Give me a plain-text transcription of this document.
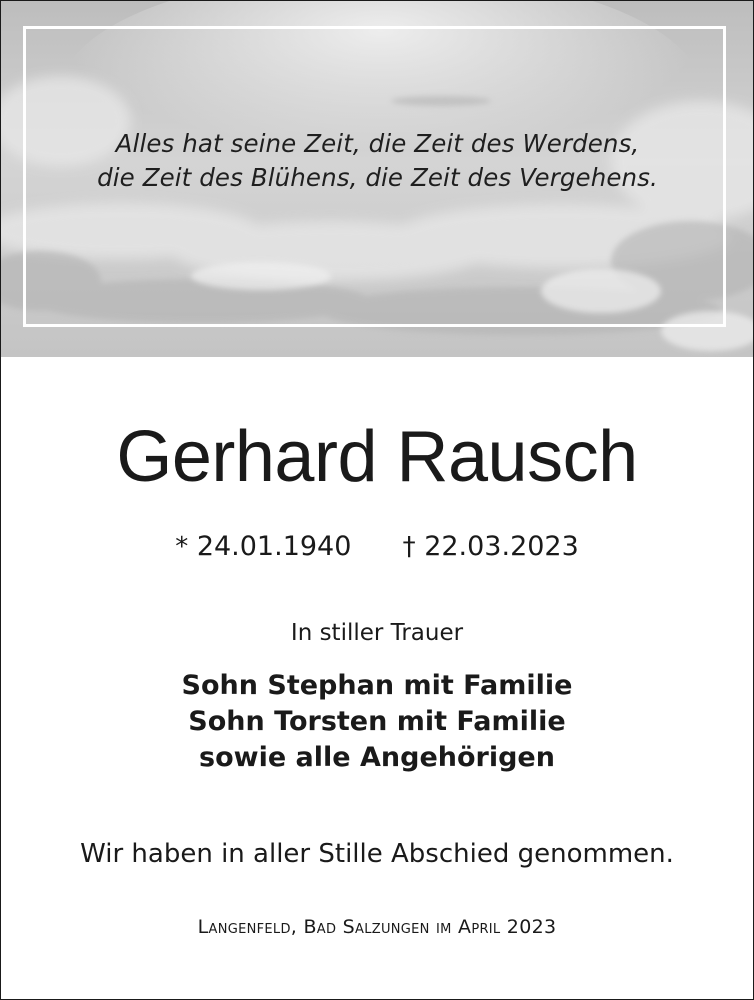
Alles hat seine Zeit, die Zeit des Werdens,
die Zeit des Blühens, die Zeit des Vergehens.
Gerhard Rausch
* 24.01.1940 † 22.03.2023
In stiller Trauer
Sohn Stephan mit Familie
Sohn Torsten mit Familie
sowie alle Angehörigen
Wir haben in aller Stille Abschied genommen.
Langenfeld, Bad Salzungen im April 2023
